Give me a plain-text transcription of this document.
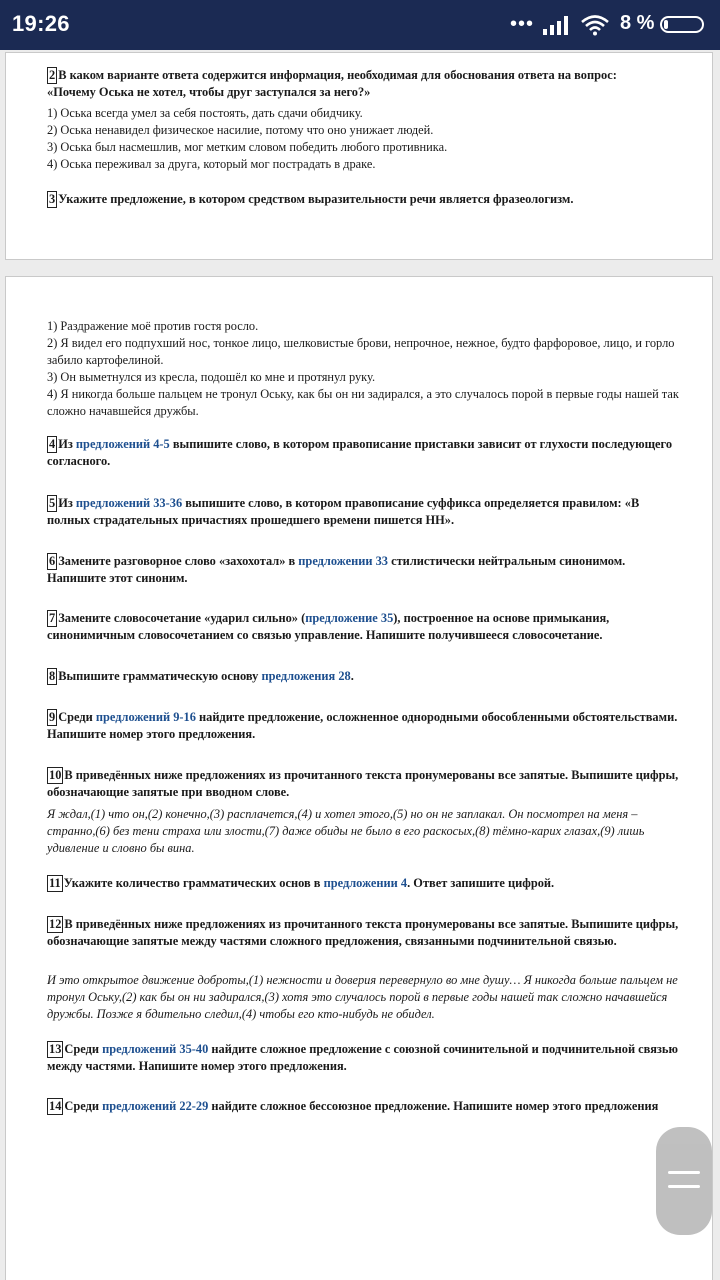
19:26	•••	8 %
2 В каком варианте ответа содержится информация, необходимая для обоснования ответа на вопрос:
«Почему Оська не хотел, чтобы друг заступался за него?»
1) Оська всегда умел за себя постоять, дать сдачи обидчику.
2) Оська ненавидел физическое насилие, потому что оно унижает людей.
3) Оська был насмешлив, мог метким словом победить любого противника.
4) Оська переживал за друга, который мог пострадать в драке.
3 Укажите предложение, в котором средством выразительности речи является фразеологизм.
1) Раздражение моё против гостя росло.
2) Я видел его подпухший нос, тонкое лицо, шелковистые брови, непрочное, нежное, будто фарфоровое, лицо, и горло забило картофелиной.
3) Он выметнулся из кресла, подошёл ко мне и протянул руку.
4) Я никогда больше пальцем не тронул Оську, как бы он ни задирался, а это случалось порой в первые годы нашей так сложно начавшейся дружбы.
4 Из предложений 4-5 выпишите слово, в котором правописание приставки зависит от глухости последующего согласного.
5 Из предложений 33-36 выпишите слово, в котором правописание суффикса определяется правилом: «В полных страдательных причастиях прошедшего времени пишется НН».
6 Замените разговорное слово «захохотал» в предложении 33 стилистически нейтральным синонимом. Напишите этот синоним.
7 Замените словосочетание «ударил сильно» (предложение 35), построенное на основе примыкания, синонимичным словосочетанием со связью управление. Напишите получившееся словосочетание.
8 Выпишите грамматическую основу предложения 28.
9 Среди предложений 9-16 найдите предложение, осложненное однородными обособленными обстоятельствами. Напишите номер этого предложения.
10 В приведённых ниже предложениях из прочитанного текста пронумерованы все запятые. Выпишите цифры, обозначающие запятые при вводном слове.
Я ждал,(1) что он,(2) конечно,(3) расплачется,(4) и хотел этого,(5) но он не заплакал. Он посмотрел на меня – странно,(6) без тени страха или злости,(7) даже обиды не было в его раскосых,(8) тёмно-карих глазах,(9) лишь удивление и словно бы вина.
11 Укажите количество грамматических основ в предложении 4. Ответ запишите цифрой.
12 В приведённых ниже предложениях из прочитанного текста пронумерованы все запятые. Выпишите цифры, обозначающие запятые между частями сложного предложения, связанными подчинительной связью.
И это открытое движение доброты,(1) нежности и доверия перевернуло во мне душу… Я никогда больше пальцем не тронул Оську,(2) как бы он ни задирался,(3) хотя это случалось порой в первые годы нашей так сложно начавшейся дружбы. Позже я бдительно следил,(4) чтобы его кто-нибудь не обидел.
13 Среди предложений 35-40 найдите сложное предложение с союзной сочинительной и подчинительной связью между частями. Напишите номер этого предложения.
14 Среди предложений 22-29 найдите сложное бессоюзное предложение. Напишите номер этого предложения
